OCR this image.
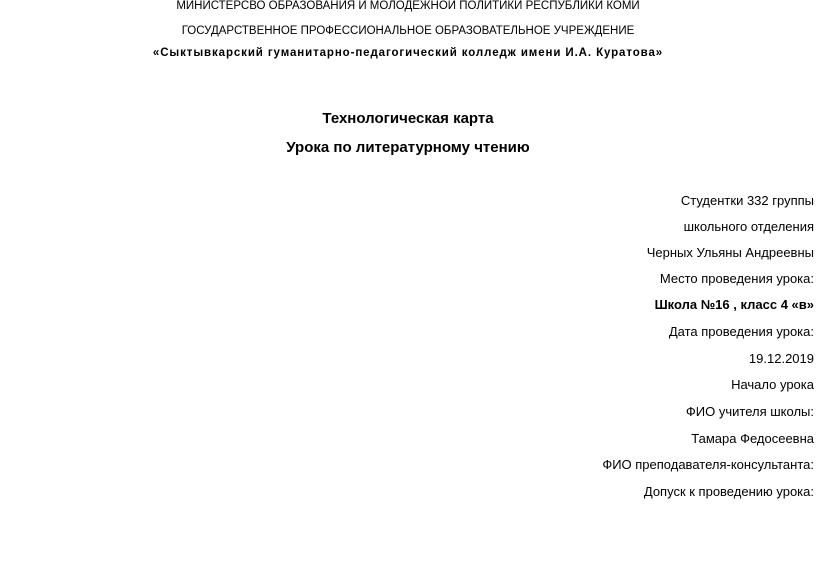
МИНИСТЕРСВО ОБРАЗОВАНИЯ И МОЛОДЁЖНОЙ ПОЛИТИКИ РЕСПУБЛИКИ КОМИ
ГОСУДАРСТВЕННОЕ ПРОФЕССИОНАЛЬНОЕ ОБРАЗОВАТЕЛЬНОЕ УЧРЕЖДЕНИЕ
«Сыктывкарский гуманитарно-педагогический колледж имени И.А. Куратова»
Технологическая карта
Урока по литературному чтению
Студентки 332 группы
школьного отделения
Черных Ульяны Андреевны
Место проведения урока:
Школа №16 , класс 4 «в»
Дата проведения урока:
19.12.2019
Начало урока
ФИО учителя школы:
Тамара Федосеевна
ФИО преподавателя-консультанта:
Допуск к проведению урока:
